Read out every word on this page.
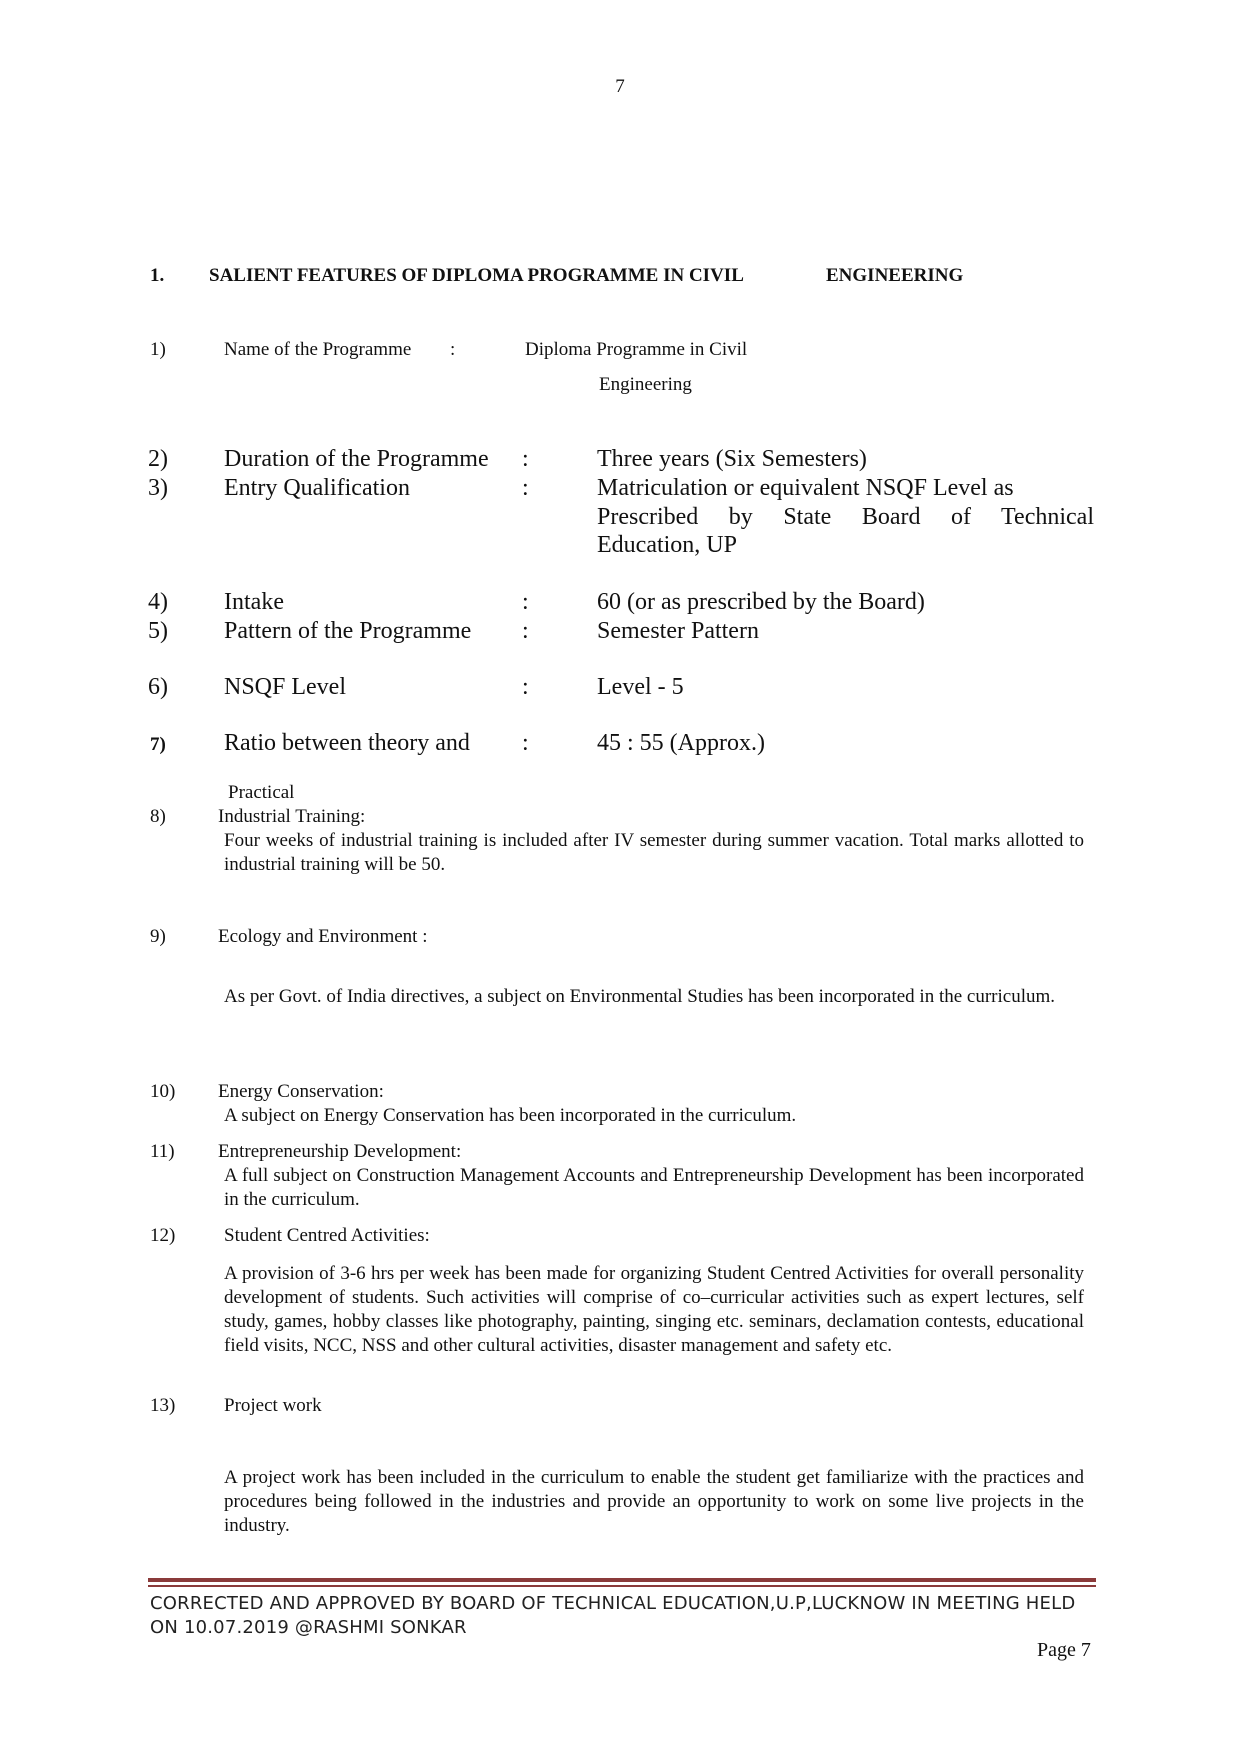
7
1. SALIENT FEATURES OF DIPLOMA PROGRAMME IN CIVIL	ENGINEERING
1)	Name of the Programme :	Diploma Programme in Civil
Engineering
2) Duration of the Programme :	Three years (Six Semesters)
3) Entry Qualification	:	Matriculation or equivalent NSQF Level as
Prescribed by State Board of Technical
Education, UP
4) Intake	:	60 (or as prescribed by the Board)
5) Pattern of the Programme :	Semester Pattern
6) NSQF Level	:	Level - 5
7) Ratio between theory and :	45 : 55 (Approx.)
Practical
8)	Industrial Training:
Four weeks of industrial training is included after IV semester during summer vacation. Total marks allotted to industrial training will be 50.
9)	Ecology and Environment :
As per Govt. of India directives, a subject on Environmental Studies has been incorporated in the curriculum.
10) Energy Conservation:
A subject on Energy Conservation has been incorporated in the curriculum.
11) Entrepreneurship Development:
A full subject on Construction Management Accounts and Entrepreneurship Development has been incorporated in the curriculum.
12)	Student Centred Activities:
A provision of 3-6 hrs per week has been made for organizing Student Centred Activities for overall personality development of students. Such activities will comprise of co–curricular activities such as expert lectures, self study, games, hobby classes like photography, painting, singing etc. seminars, declamation contests, educational field visits, NCC, NSS and other cultural activities, disaster management and safety etc.
13)	Project work
A project work has been included in the curriculum to enable the student get familiarize with the practices and procedures being followed in the industries and provide an opportunity to work on some live projects in the industry.
CORRECTED AND APPROVED BY BOARD OF TECHNICAL EDUCATION,U.P,LUCKNOW IN MEETING HELD
ON 10.07.2019 @RASHMI SONKAR
Page 7
